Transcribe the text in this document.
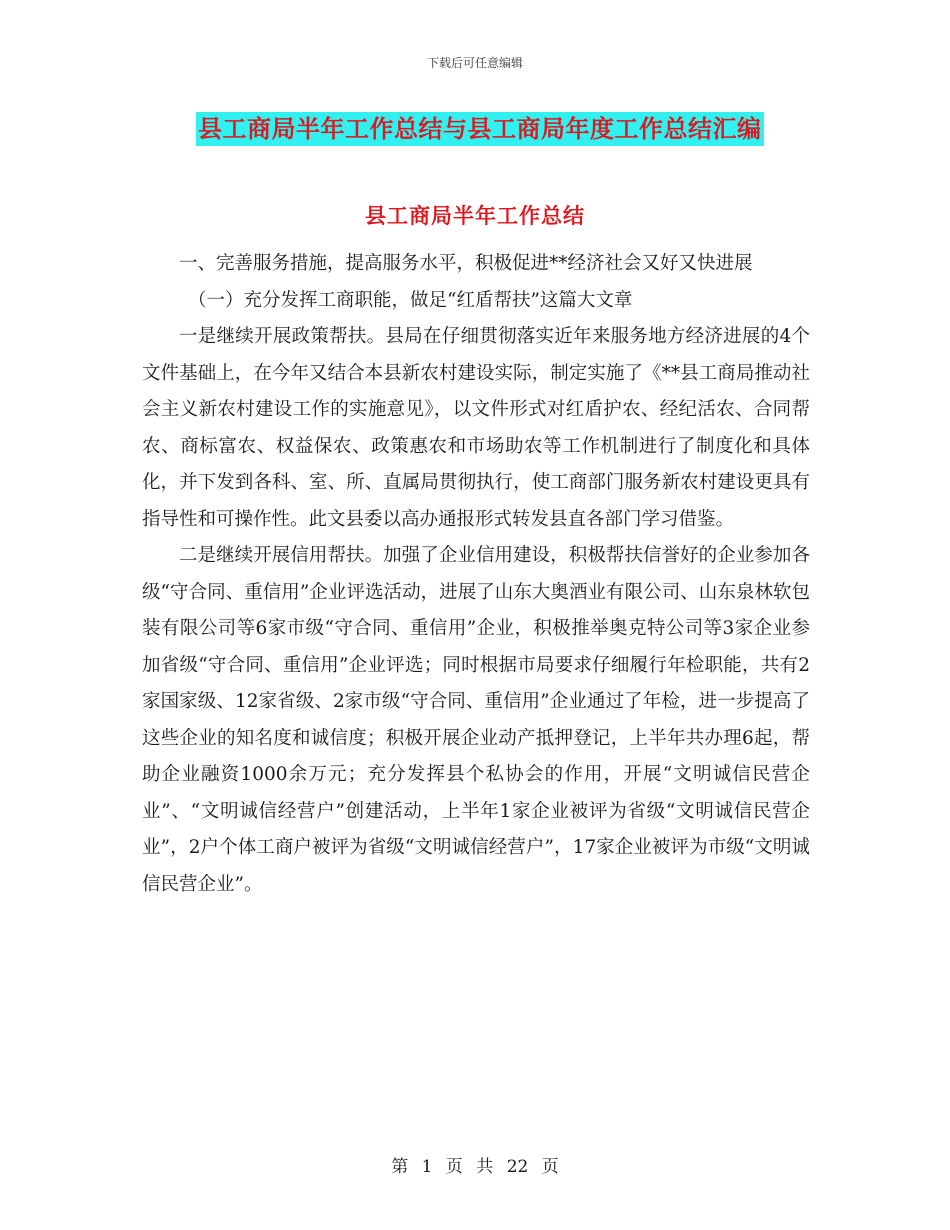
下载后可任意编辑
县工商局半年工作总结与县工商局年度工作总结汇编
县工商局半年工作总结

一、完善服务措施，提高服务水平，积极促进**经济社会又好又快进展

（一）充分发挥工商职能，做足“红盾帮扶”这篇大文章

一是继续开展政策帮扶。县局在仔细贯彻落实近年来服务地方经济进展的4个文件基础上，在今年又结合本县新农村建设实际，制定实施了《**县工商局推动社会主义新农村建设工作的实施意见》，以文件形式对红盾护农、经纪活农、合同帮农、商标富农、权益保农、政策惠农和市场助农等工作机制进行了制度化和具体化，并下发到各科、室、所、直属局贯彻执行，使工商部门服务新农村建设更具有指导性和可操作性。此文县委以高办通报形式转发县直各部门学习借鉴。

二是继续开展信用帮扶。加强了企业信用建设，积极帮扶信誉好的企业参加各级“守合同、重信用”企业评选活动，进展了山东大奥酒业有限公司、山东泉林软包装有限公司等6家市级“守合同、重信用”企业，积极推举奥克特公司等3家企业参加省级“守合同、重信用”企业评选；同时根据市局要求仔细履行年检职能，共有2家国家级、12家省级、2家市级“守合同、重信用”企业通过了年检，进一步提高了这些企业的知名度和诚信度；积极开展企业动产抵押登记，上半年共办理6起，帮助企业融资1000余万元；充分发挥县个私协会的作用，开展“文明诚信民营企业”、“文明诚信经营户”创建活动，上半年1家企业被评为省级“文明诚信民营企业”，2户个体工商户被评为省级“文明诚信经营户”，17家企业被评为市级“文明诚信民营企业”。

第 1 页 共 22 页
